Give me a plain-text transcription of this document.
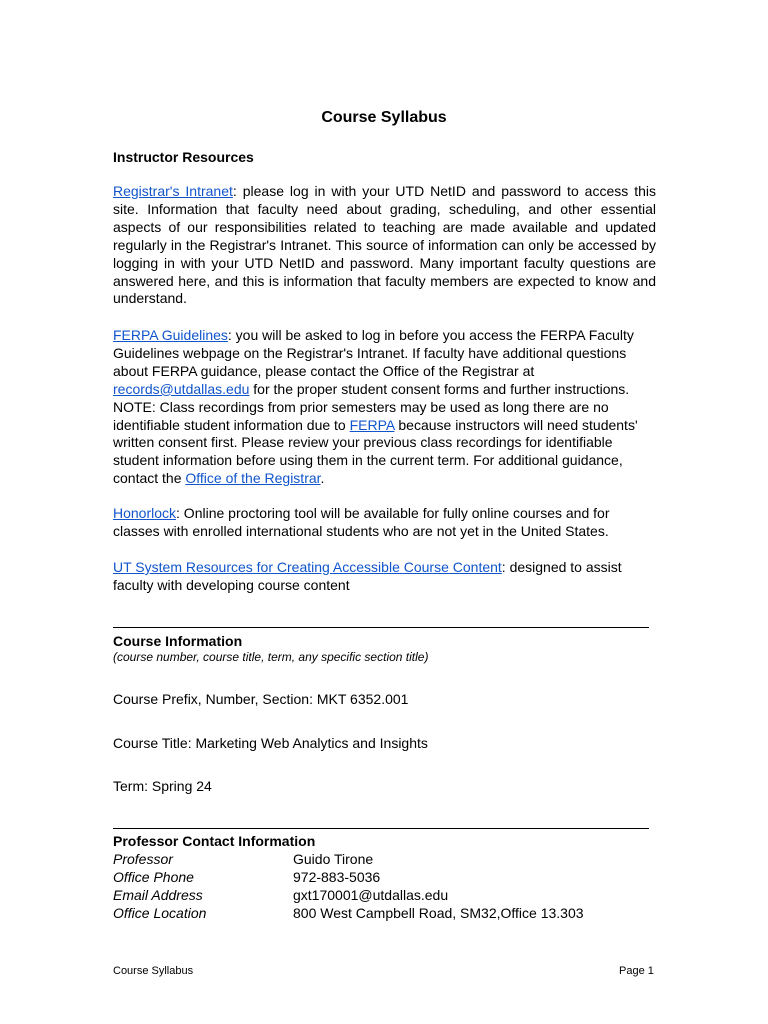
Course Syllabus
Instructor Resources

Registrar's Intranet: please log in with your UTD NetID and password to access this site. Information that faculty need about grading, scheduling, and other essential aspects of our responsibilities related to teaching are made available and updated regularly in the Registrar's Intranet. This source of information can only be accessed by logging in with your UTD NetID and password. Many important faculty questions are answered here, and this is information that faculty members are expected to know and understand.

FERPA Guidelines: you will be asked to log in before you access the FERPA Faculty Guidelines webpage on the Registrar's Intranet. If faculty have additional questions about FERPA guidance, please contact the Office of the Registrar at records@utdallas.edu for the proper student consent forms and further instructions. NOTE: Class recordings from prior semesters may be used as long there are no identifiable student information due to FERPA because instructors will need students' written consent first. Please review your previous class recordings for identifiable student information before using them in the current term. For additional guidance, contact the Office of the Registrar.

Honorlock: Online proctoring tool will be available for fully online courses and for classes with enrolled international students who are not yet in the United States.

UT System Resources for Creating Accessible Course Content: designed to assist faculty with developing course content

Course Information
(course number, course title, term, any specific section title)
Course Prefix, Number, Section: MKT 6352.001
Course Title: Marketing Web Analytics and Insights
Term: Spring 24
Professor Contact Information
Professor	Guido Tirone
Office Phone	972-883-5036
Email Address	gxt170001@utdallas.edu
Office Location	800 West Campbell Road, SM32,Office 13.303
Course Syllabus	Page 1
